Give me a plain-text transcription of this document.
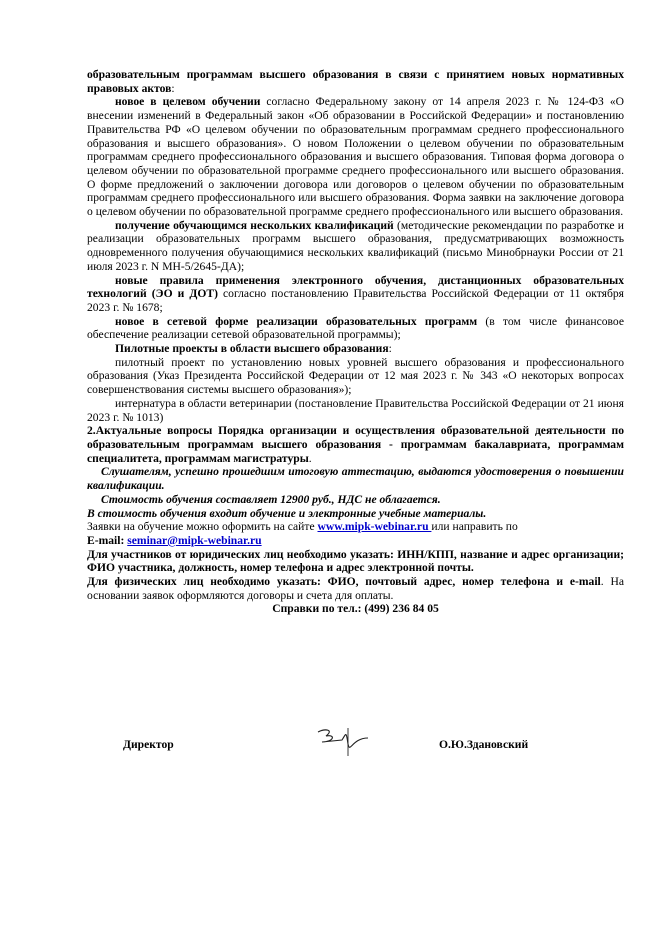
образовательным программам высшего образования в связи с принятием новых нормативных правовых актов:

новое в целевом обучении согласно Федеральному закону от 14 апреля 2023 г. № 124-ФЗ «О внесении изменений в Федеральный закон «Об образовании в Российской Федерации» и постановлению Правительства РФ «О целевом обучении по образовательным программам среднего профессионального образования и высшего образования». О новом Положении о целевом обучении по образовательным программам среднего профессионального образования и высшего образования. Типовая форма договора о целевом обучении по образовательной программе среднего профессионального или высшего образования. О форме предложений о заключении договора или договоров о целевом обучении по образовательным программам среднего профессионального или высшего образования. Форма заявки на заключение договора о целевом обучении по образовательной программе среднего профессионального или высшего образования.

получение обучающимся нескольких квалификаций (методические рекомендации по разработке и реализации образовательных программ высшего образования, предусматривающих возможность одновременного получения обучающимися нескольких квалификаций (письмо Минобрнауки России от 21 июля 2023 г. N МН-5/2645-ДА);

новые правила применения электронного обучения, дистанционных образовательных технологий (ЭО и ДОТ) согласно постановлению Правительства Российской Федерации от 11 октября 2023 г. № 1678;

новое в сетевой форме реализации образовательных программ (в том числе финансовое обеспечение реализации сетевой образовательной программы);

Пилотные проекты в области высшего образования:

пилотный проект по установлению новых уровней высшего образования и профессионального образования (Указ Президента Российской Федерации от 12 мая 2023 г. № 343 «О некоторых вопросах совершенствования системы высшего образования»);

интернатура в области ветеринарии (постановление Правительства Российской Федерации от 21 июня 2023 г. № 1013)

2.Актуальные вопросы Порядка организации и осуществления образовательной деятельности по образовательным программам высшего образования - программам бакалавриата, программам специалитета, программам магистратуры.

Слушателям, успешно прошедшим итоговую аттестацию, выдаются удостоверения о повышении квалификации.

Стоимость обучения составляет 12900 руб., НДС не облагается.

В стоимость обучения входит обучение и электронные учебные материалы.

Заявки на обучение можно оформить на сайте www.mipk-webinar.ru или направить по
E-mail: seminar@mipk-webinar.ru

Для участников от юридических лиц необходимо указать: ИНН/КПП, название и адрес организации; ФИО участника, должность, номер телефона и адрес электронной почты.

Для физических лиц необходимо указать: ФИО, почтовый адрес, номер телефона и e-mail. На основании заявок оформляются договоры и счета для оплаты.

Справки по тел.: (499) 236 84 05

Директор	О.Ю.Здановский
